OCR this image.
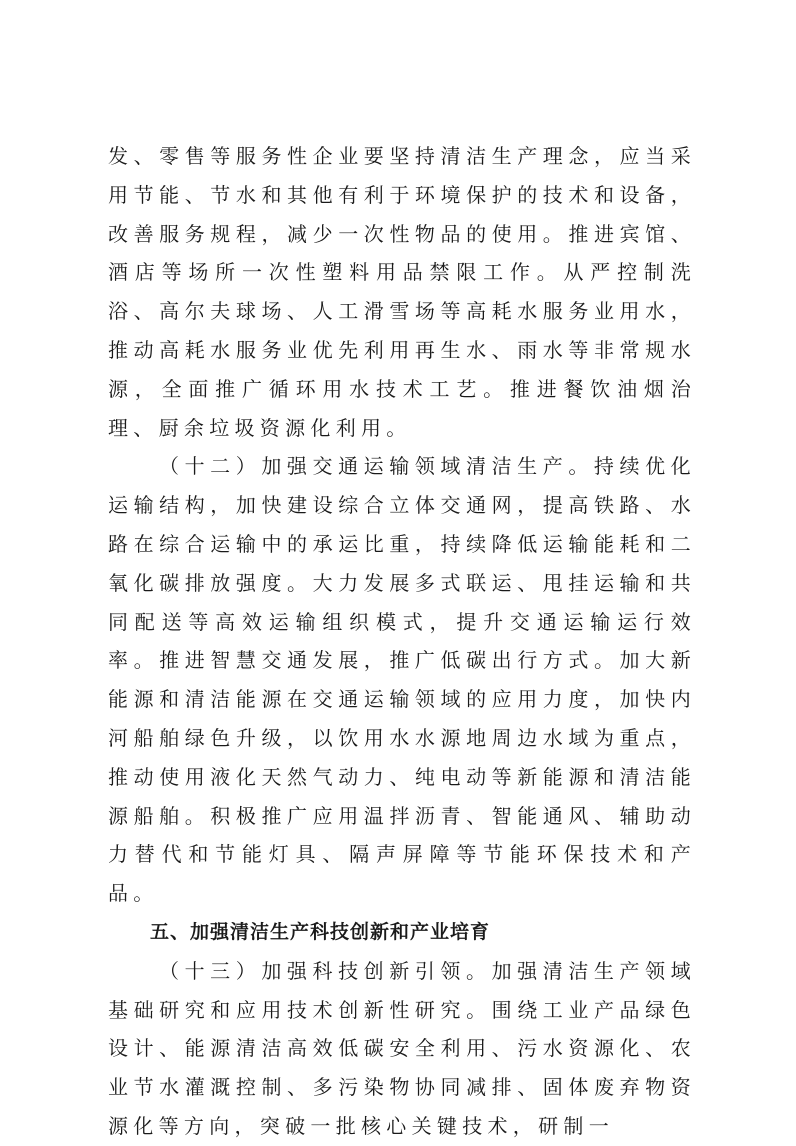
发、零售等服务性企业要坚持清洁生产理念，应当采用节能、节水和其他有利于环境保护的技术和设备，改善服务规程，减少一次性物品的使用。推进宾馆、酒店等场所一次性塑料用品禁限工作。从严控制洗浴、高尔夫球场、人工滑雪场等高耗水服务业用水，推动高耗水服务业优先利用再生水、雨水等非常规水源，全面推广循环用水技术工艺。推进餐饮油烟治理、厨余垃圾资源化利用。

（十二）加强交通运输领域清洁生产。持续优化运输结构，加快建设综合立体交通网，提高铁路、水路在综合运输中的承运比重，持续降低运输能耗和二氧化碳排放强度。大力发展多式联运、甩挂运输和共同配送等高效运输组织模式，提升交通运输运行效率。推进智慧交通发展，推广低碳出行方式。加大新能源和清洁能源在交通运输领域的应用力度，加快内河船舶绿色升级，以饮用水水源地周边水域为重点，推动使用液化天然气动力、纯电动等新能源和清洁能源船舶。积极推广应用温拌沥青、智能通风、辅助动力替代和节能灯具、隔声屏障等节能环保技术和产品。

五、加强清洁生产科技创新和产业培育

（十三）加强科技创新引领。加强清洁生产领域基础研究和应用技术创新性研究。围绕工业产品绿色设计、能源清洁高效低碳安全利用、污水资源化、农业节水灌溉控制、多污染物协同减排、固体废弃物资源化等方向，突破一批核心关键技术，研制一
